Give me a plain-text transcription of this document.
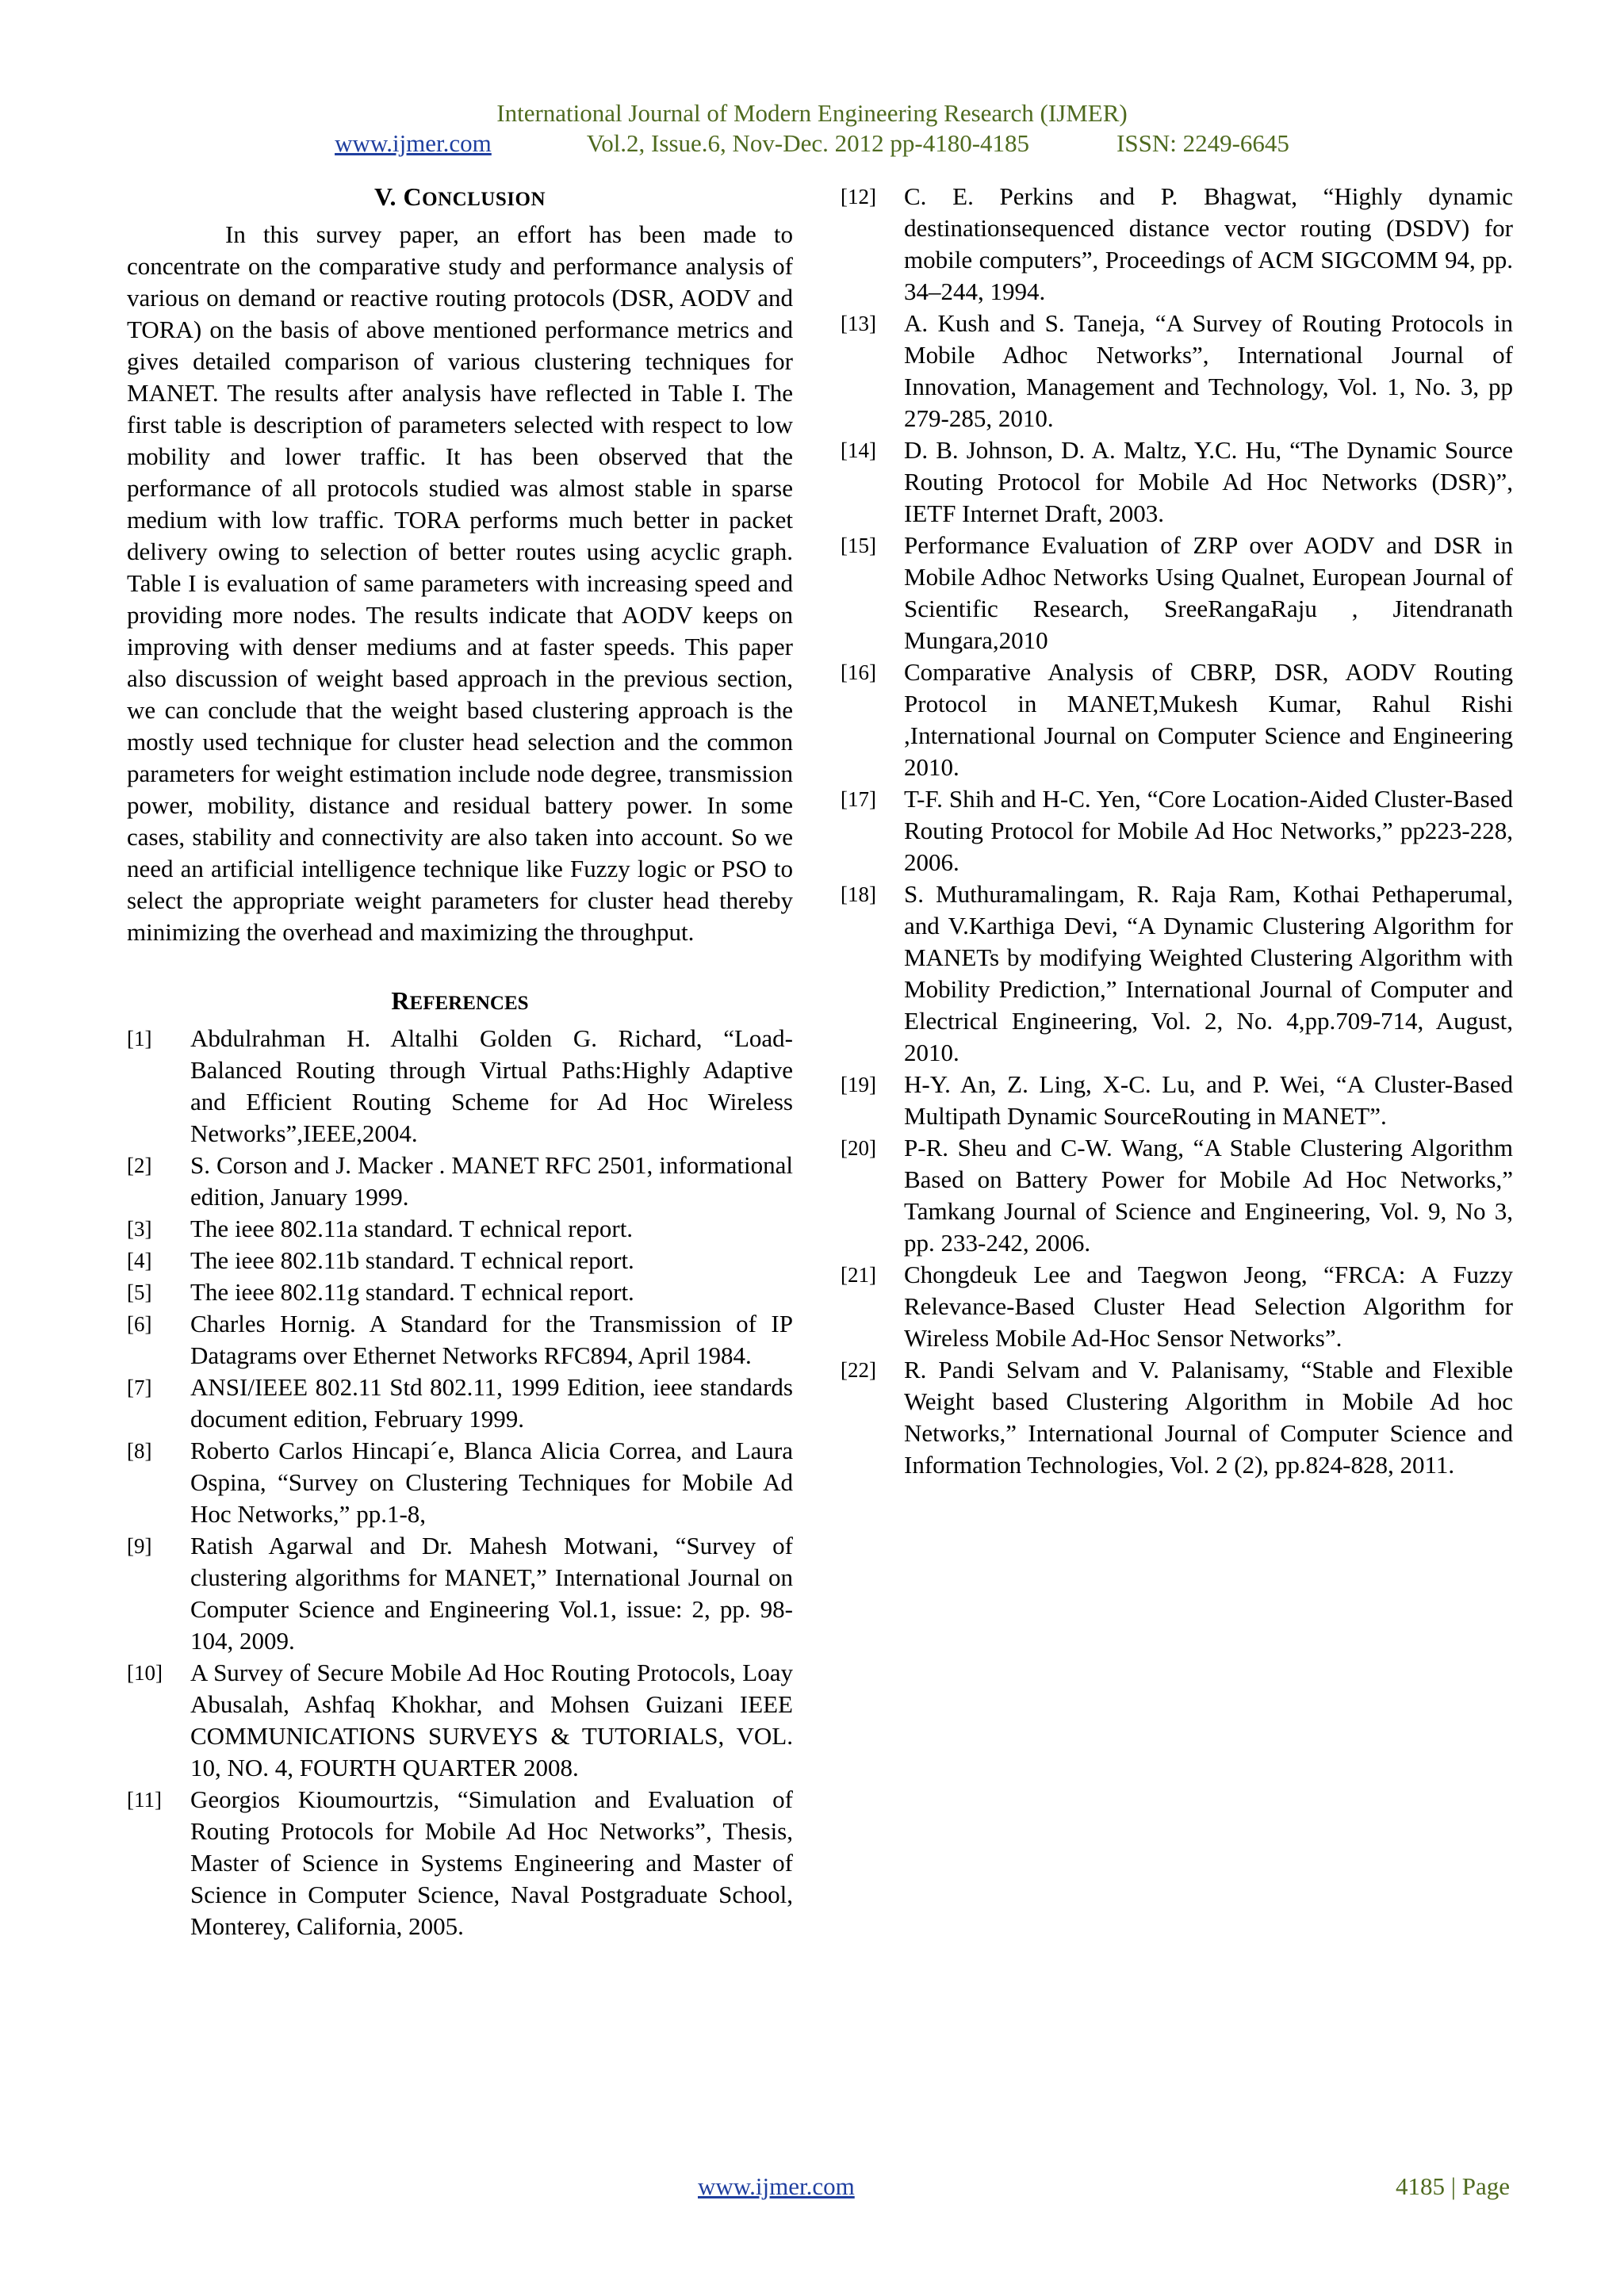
International Journal of Modern Engineering Research (IJMER)
www.ijmer.com	Vol.2, Issue.6, Nov-Dec. 2012 pp-4180-4185	ISSN: 2249-6645
V. CONCLUSION

In this survey paper, an effort has been made to concentrate on the comparative study and performance analysis of various on demand or reactive routing protocols (DSR, AODV and TORA) on the basis of above mentioned performance metrics and gives detailed comparison of various clustering techniques for MANET. The results after analysis have reflected in Table I. The first table is description of parameters selected with respect to low mobility and lower traffic. It has been observed that the performance of all protocols studied was almost stable in sparse medium with low traffic. TORA performs much better in packet delivery owing to selection of better routes using acyclic graph. Table I is evaluation of same parameters with increasing speed and providing more nodes. The results indicate that AODV keeps on improving with denser mediums and at faster speeds. This paper also discussion of weight based approach in the previous section, we can conclude that the weight based clustering approach is the mostly used technique for cluster head selection and the common parameters for weight estimation include node degree, transmission power, mobility, distance and residual battery power. In some cases, stability and connectivity are also taken into account. So we need an artificial intelligence technique like Fuzzy logic or PSO to select the appropriate weight parameters for cluster head thereby minimizing the overhead and maximizing the throughput.

REFERENCES
[1]	Abdulrahman H. Altalhi Golden G. Richard, “Load-Balanced Routing through Virtual Paths:Highly Adaptive and Efficient Routing Scheme for Ad Hoc Wireless Networks”,IEEE,2004.
[2]	S. Corson and J. Macker . MANET RFC 2501, informational edition, January 1999.
[3]	The ieee 802.11a standard. T echnical report.
[4]	The ieee 802.11b standard. T echnical report.
[5]	The ieee 802.11g standard. T echnical report.
[6]	Charles Hornig. A Standard for the Transmission of IP Datagrams over Ethernet Networks RFC894, April 1984.
[7]	ANSI/IEEE 802.11 Std 802.11, 1999 Edition, ieee standards document edition, February 1999.
[8]	Roberto Carlos Hincapi´e, Blanca Alicia Correa, and Laura Ospina, “Survey on Clustering Techniques for Mobile Ad Hoc Networks,” pp.1-8,
[9]	Ratish Agarwal and Dr. Mahesh Motwani, “Survey of clustering algorithms for MANET,” International Journal on Computer Science and Engineering Vol.1, issue: 2, pp. 98-104, 2009.
[10]	A Survey of Secure Mobile Ad Hoc Routing Protocols, Loay Abusalah, Ashfaq Khokhar, and Mohsen Guizani IEEE COMMUNICATIONS SURVEYS & TUTORIALS, VOL. 10, NO. 4, FOURTH QUARTER 2008.
[11]	Georgios Kioumourtzis, “Simulation and Evaluation of Routing Protocols for Mobile Ad Hoc Networks”, Thesis, Master of Science in Systems Engineering and Master of Science in Computer Science, Naval Postgraduate School, Monterey, California, 2005.
[12]	C. E. Perkins and P. Bhagwat, “Highly dynamic destinationsequenced distance vector routing (DSDV) for mobile computers”, Proceedings of ACM SIGCOMM 94, pp. 34–244, 1994.
[13]	A. Kush and S. Taneja, “A Survey of Routing Protocols in Mobile Adhoc Networks”, International Journal of Innovation, Management and Technology, Vol. 1, No. 3, pp 279-285, 2010.
[14]	D. B. Johnson, D. A. Maltz, Y.C. Hu, “The Dynamic Source Routing Protocol for Mobile Ad Hoc Networks (DSR)”, IETF Internet Draft, 2003.
[15]	Performance Evaluation of ZRP over AODV and DSR in Mobile Adhoc Networks Using Qualnet, European Journal of Scientific Research, SreeRangaRaju , Jitendranath Mungara,2010
[16]	Comparative Analysis of CBRP, DSR, AODV Routing Protocol in MANET,Mukesh Kumar, Rahul Rishi ,International Journal on Computer Science and Engineering 2010.
[17]	T-F. Shih and H-C. Yen, “Core Location-Aided Cluster-Based Routing Protocol for Mobile Ad Hoc Networks,” pp223-228, 2006.
[18]	S. Muthuramalingam, R. Raja Ram, Kothai Pethaperumal, and V.Karthiga Devi, “A Dynamic Clustering Algorithm for MANETs by modifying Weighted Clustering Algorithm with Mobility Prediction,” International Journal of Computer and Electrical Engineering, Vol. 2, No. 4,pp.709-714, August, 2010.
[19]	H-Y. An, Z. Ling, X-C. Lu, and P. Wei, “A Cluster-Based Multipath Dynamic SourceRouting in MANET”.
[20]	P-R. Sheu and C-W. Wang, “A Stable Clustering Algorithm Based on Battery Power for Mobile Ad Hoc Networks,” Tamkang Journal of Science and Engineering, Vol. 9, No 3, pp. 233-242, 2006.
[21]	Chongdeuk Lee and Taegwon Jeong, “FRCA: A Fuzzy Relevance-Based Cluster Head Selection Algorithm for Wireless Mobile Ad-Hoc Sensor Networks”.
[22]	R. Pandi Selvam and V. Palanisamy, “Stable and Flexible Weight based Clustering Algorithm in Mobile Ad hoc Networks,” International Journal of Computer Science and Information Technologies, Vol. 2 (2), pp.824-828, 2011.
www.ijmer.com	4185 | Page
